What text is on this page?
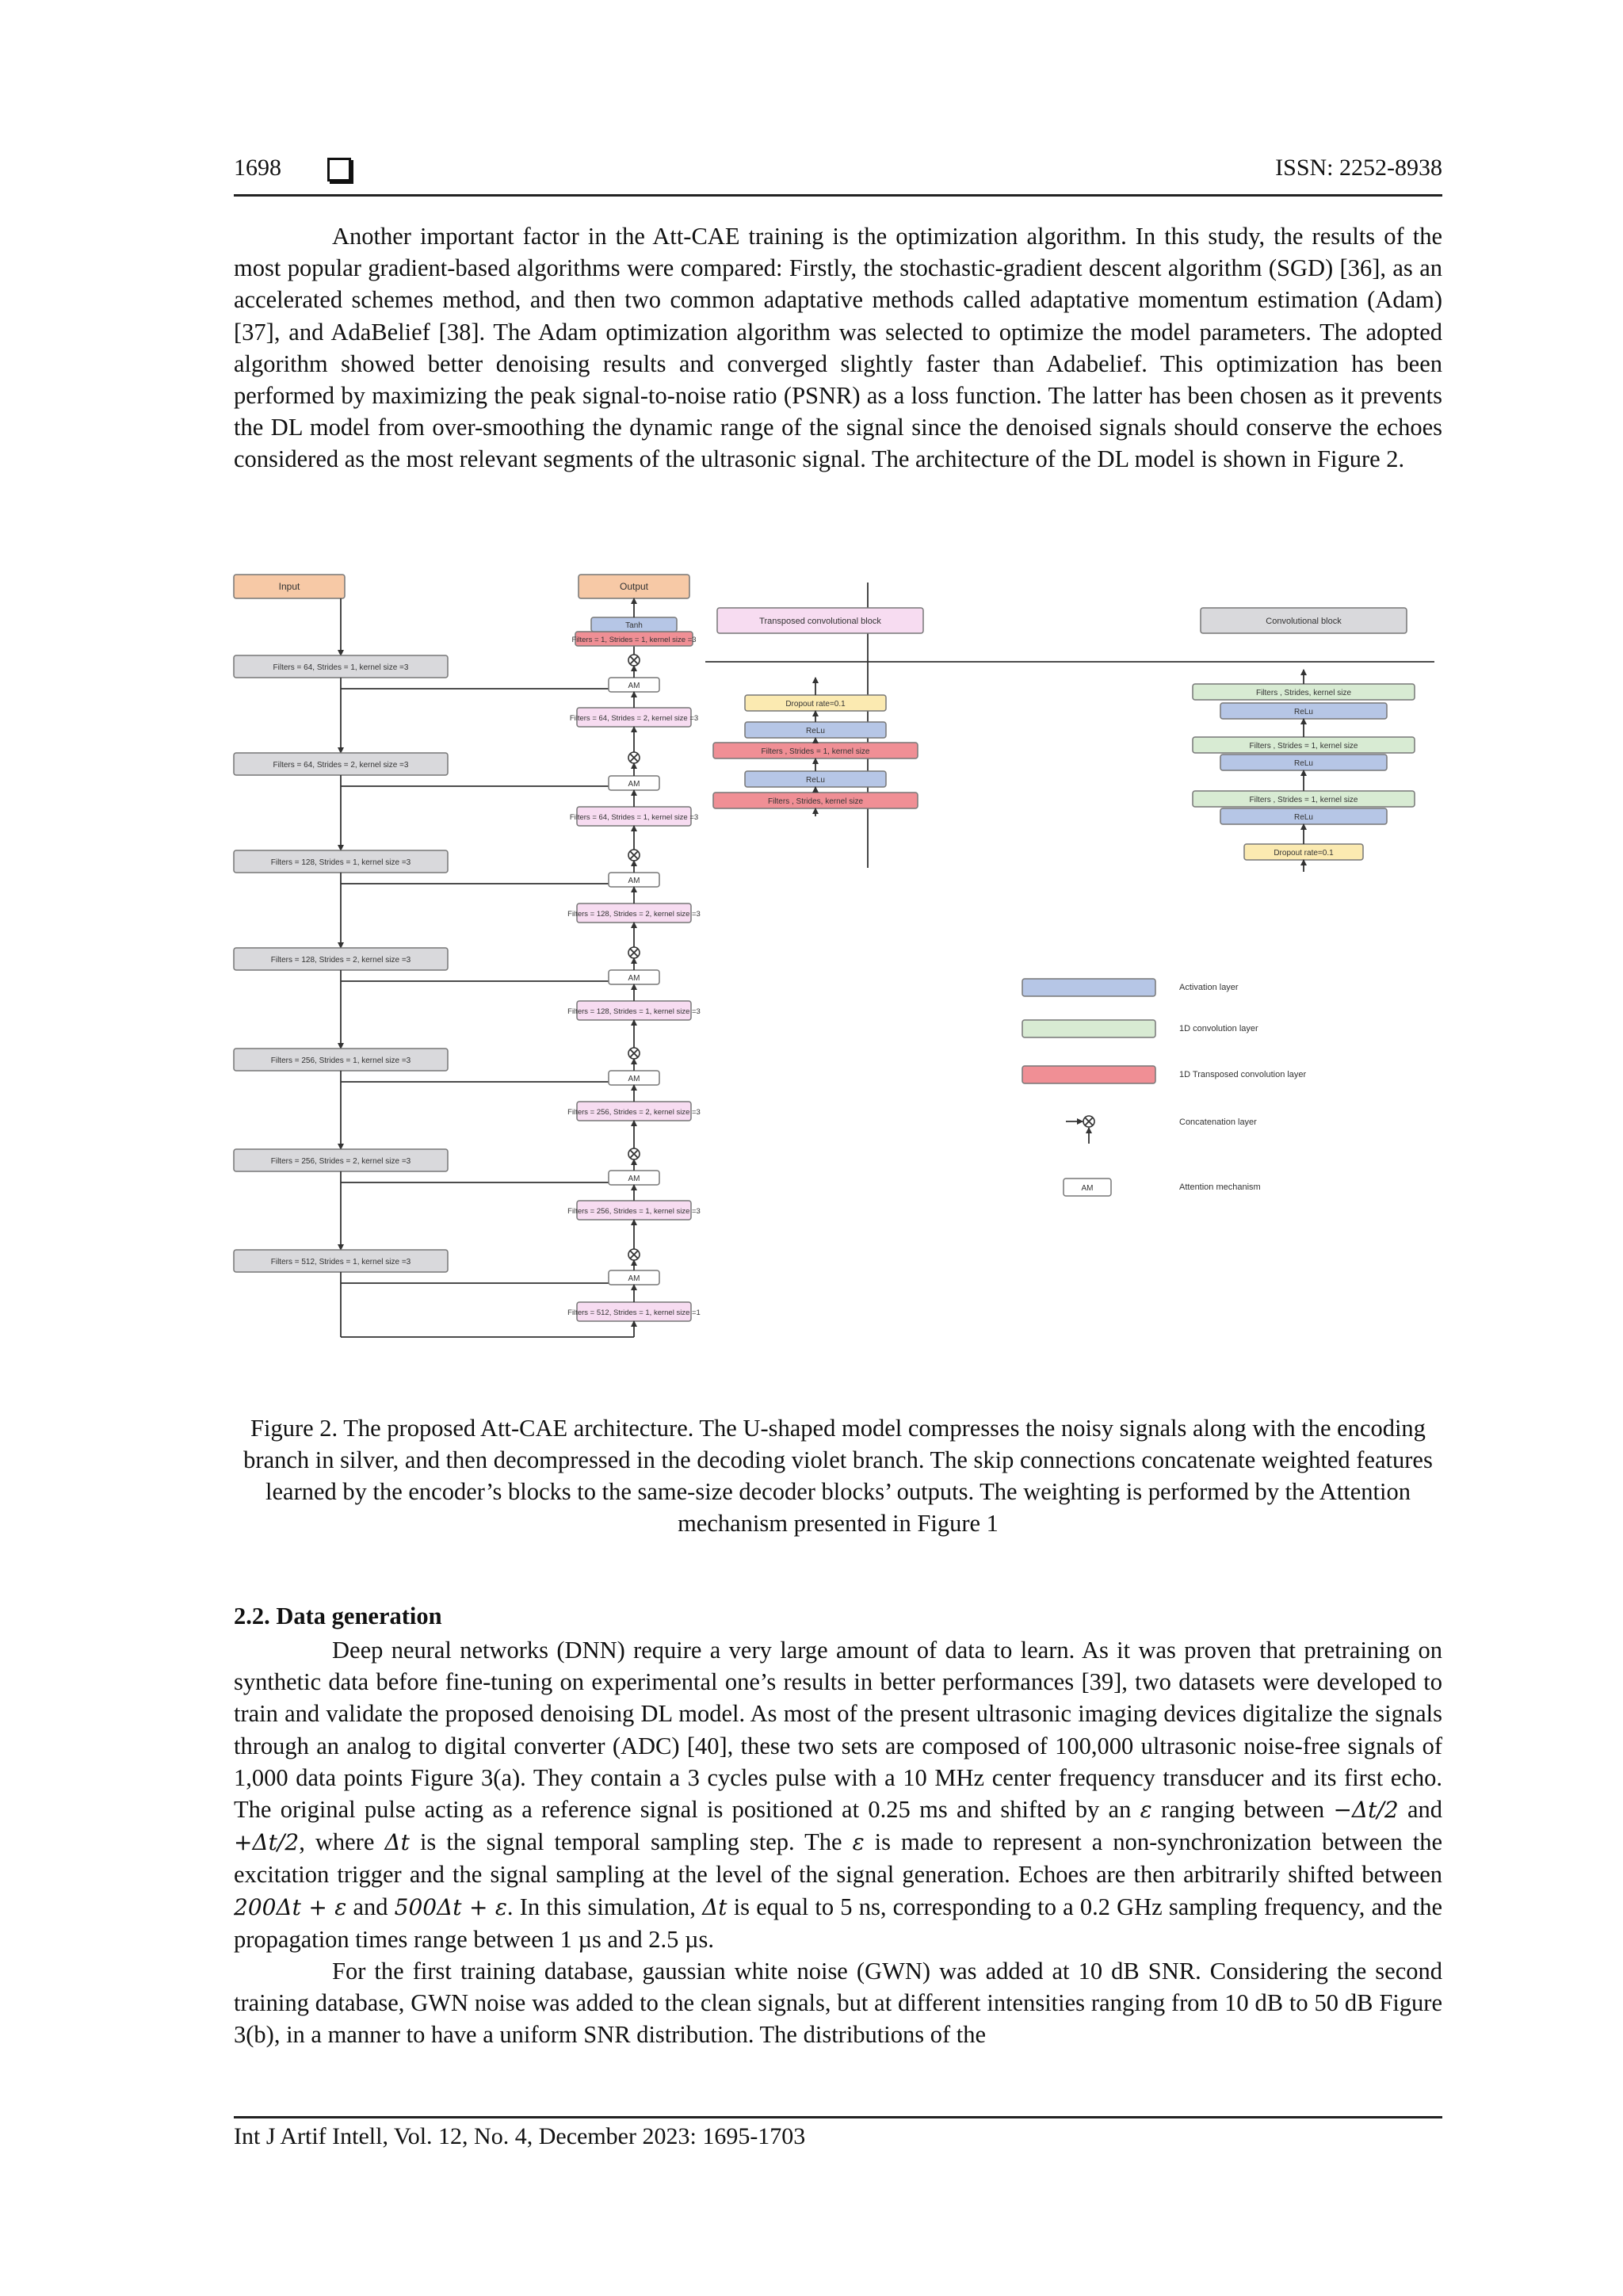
1698	ISSN: 2252-8938

Another important factor in the Att-CAE training is the optimization algorithm. In this study, the results of the most popular gradient-based algorithms were compared: Firstly, the stochastic-gradient descent algorithm (SGD) [36], as an accelerated schemes method, and then two common adaptative methods called adaptative momentum estimation (Adam) [37], and AdaBelief [38]. The Adam optimization algorithm was selected to optimize the model parameters. The adopted algorithm showed better denoising results and converged slightly faster than Adabelief. This optimization has been performed by maximizing the peak signal-to-noise ratio (PSNR) as a loss function. The latter has been chosen as it prevents the DL model from over-smoothing the dynamic range of the signal since the denoised signals should conserve the echoes considered as the most relevant segments of the ultrasonic signal. The architecture of the DL model is shown in Figure 2.

Input	Output
Filters = 64, Strides = 1, kernel size =3
Filters = 64, Strides = 2, kernel size =3
Filters = 128, Strides = 1, kernel size =3
Filters = 128, Strides = 2, kernel size =3
Filters = 256, Strides = 1, kernel size =3
Filters = 256, Strides = 2, kernel size =3
Filters = 512, Strides = 1, kernel size =3
Filters = 64, Strides = 2, kernel size =3
Filters = 64, Strides = 1, kernel size =3
Filters = 128, Strides = 2, kernel size =3
Filters = 128, Strides = 1, kernel size =3
Filters = 256, Strides = 2, kernel size =3
Filters = 256, Strides = 1, kernel size =3
Filters = 512, Strides = 1, kernel size =1
AM
AM
AM
AM
AM
AM
AM
Filters = 1, Strides = 1, kernel size =3
Tanh	Transposed convolutional block
Dropout rate=0.1
ReLu
Filters , Strides = 1, kernel size
ReLu
Filters , Strides, kernel size
Convolutional block
Filters , Strides, kernel size
ReLu
Filters , Strides = 1, kernel size
ReLu
Filters , Strides = 1, kernel size
ReLu
Dropout rate=0.1
Activation layer
1D convolution layer
1D Transposed convolution layer
Concatenation layer
AM	Attention mechanism
Figure 2. The proposed Att-CAE architecture. The U-shaped model compresses the noisy signals along with the encoding branch in silver, and then decompressed in the decoding violet branch. The skip connections concatenate weighted features learned by the encoder’s blocks to the same-size decoder blocks’ outputs. The weighting is performed by the Attention mechanism presented in Figure 1
2.2. Data generation

Deep neural networks (DNN) require a very large amount of data to learn. As it was proven that pretraining on synthetic data before fine-tuning on experimental one’s results in better performances [39], two datasets were developed to train and validate the proposed denoising DL model. As most of the present ultrasonic imaging devices digitalize the signals through an analog to digital converter (ADC) [40], these two sets are composed of 100,000 ultrasonic noise-free signals of 1,000 data points Figure 3(a). They contain a 3 cycles pulse with a 10 MHz center frequency transducer and its first echo. The original pulse acting as a reference signal is positioned at 0.25 ms and shifted by an ε ranging between −Δt/2 and +Δt/2, where Δt is the signal temporal sampling step. The ε is made to represent a non-synchronization between the excitation trigger and the signal sampling at the level of the signal generation. Echoes are then arbitrarily shifted between 200Δt + ε and 500Δt + ε. In this simulation, Δt is equal to 5 ns, corresponding to a 0.2 GHz sampling frequency, and the propagation times range between 1 µs and 2.5 µs.

For the first training database, gaussian white noise (GWN) was added at 10 dB SNR. Considering the second training database, GWN noise was added to the clean signals, but at different intensities ranging from 10 dB to 50 dB Figure 3(b), in a manner to have a uniform SNR distribution. The distributions of the

Int J Artif Intell, Vol. 12, No. 4, December 2023: 1695-1703
